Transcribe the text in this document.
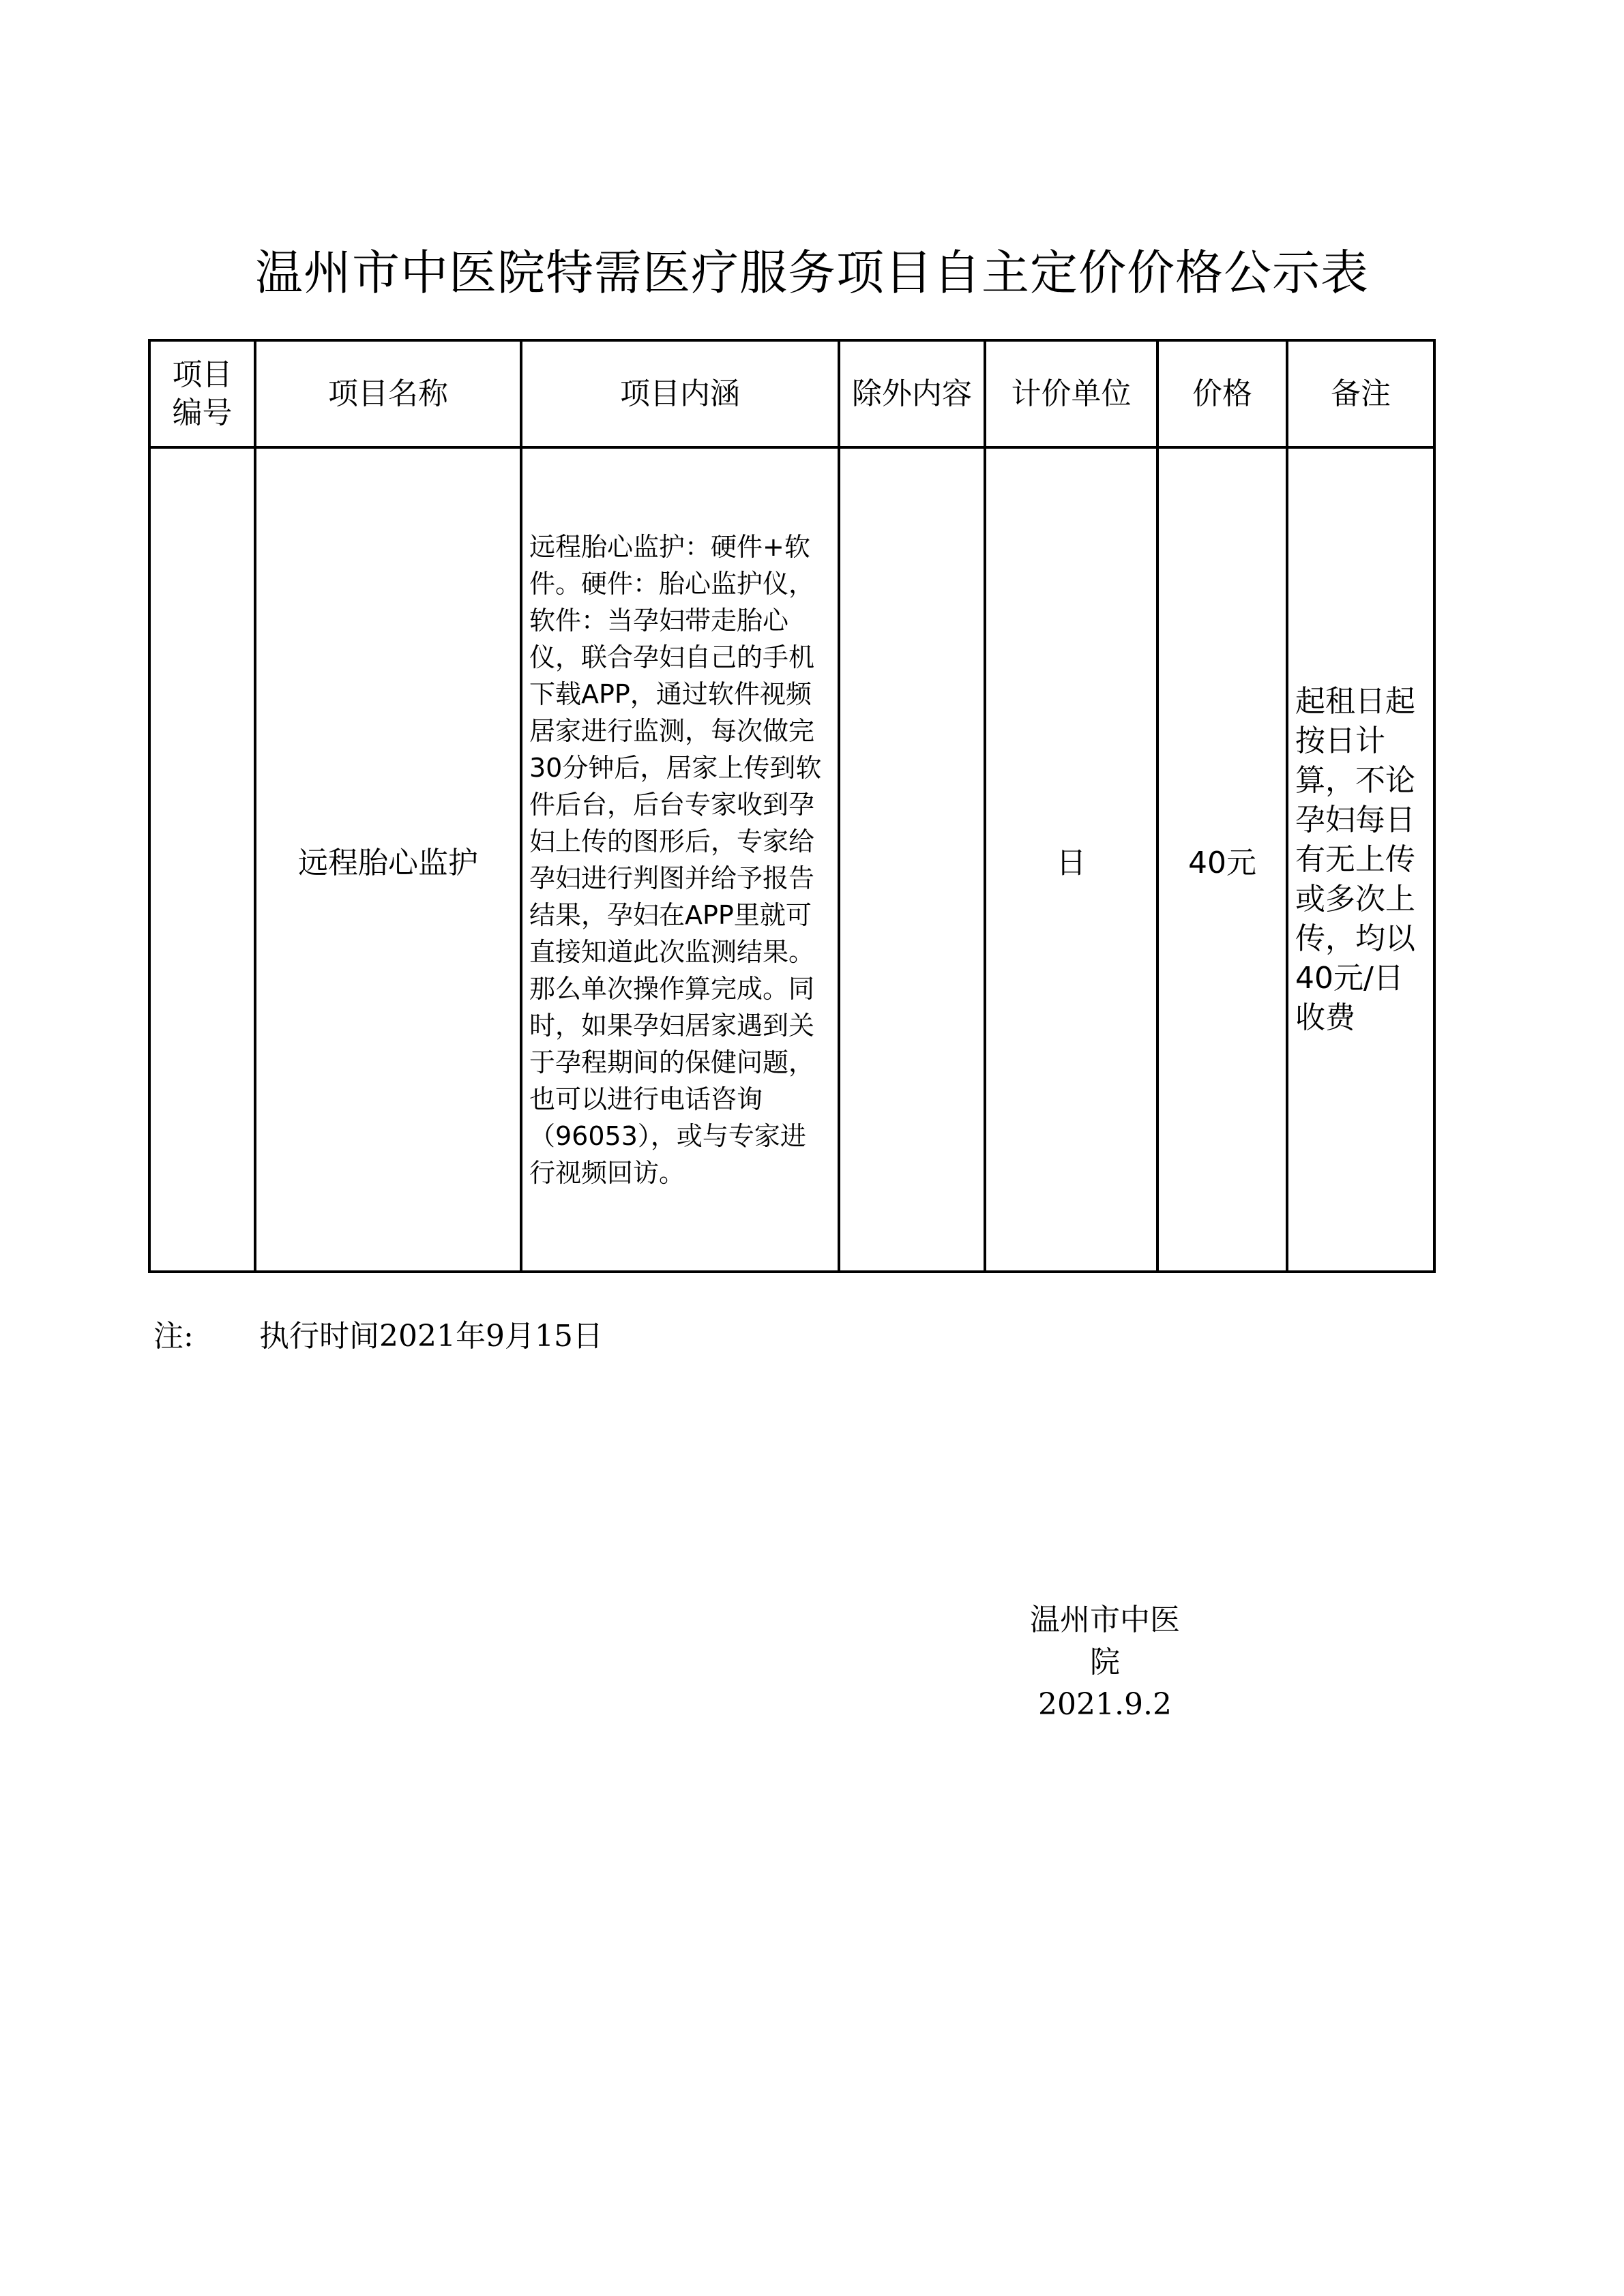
温州市中医院特需医疗服务项目自主定价价格公示表
项目编号	项目名称	项目内涵	除外内容	计价单位	价格	备注
	远程胎心监护	远程胎心监护：硬件+软件。硬件：胎心监护仪，软件：当孕妇带走胎心仪，联合孕妇自己的手机下载APP，通过软件视频居家进行监测，每次做完30分钟后，居家上传到软件后台，后台专家收到孕妇上传的图形后，专家给孕妇进行判图并给予报告结果，孕妇在APP里就可直接知道此次监测结果。那么单次操作算完成。同时，如果孕妇居家遇到关于孕程期间的保健问题，也可以进行电话咨询（96053），或与专家进行视频回访。		日	40元	起租日起按日计算，不论孕妇每日有无上传或多次上传，均以40元/日收费
注: 执行时间2021年9月15日
温州市中医院
2021.9.2
